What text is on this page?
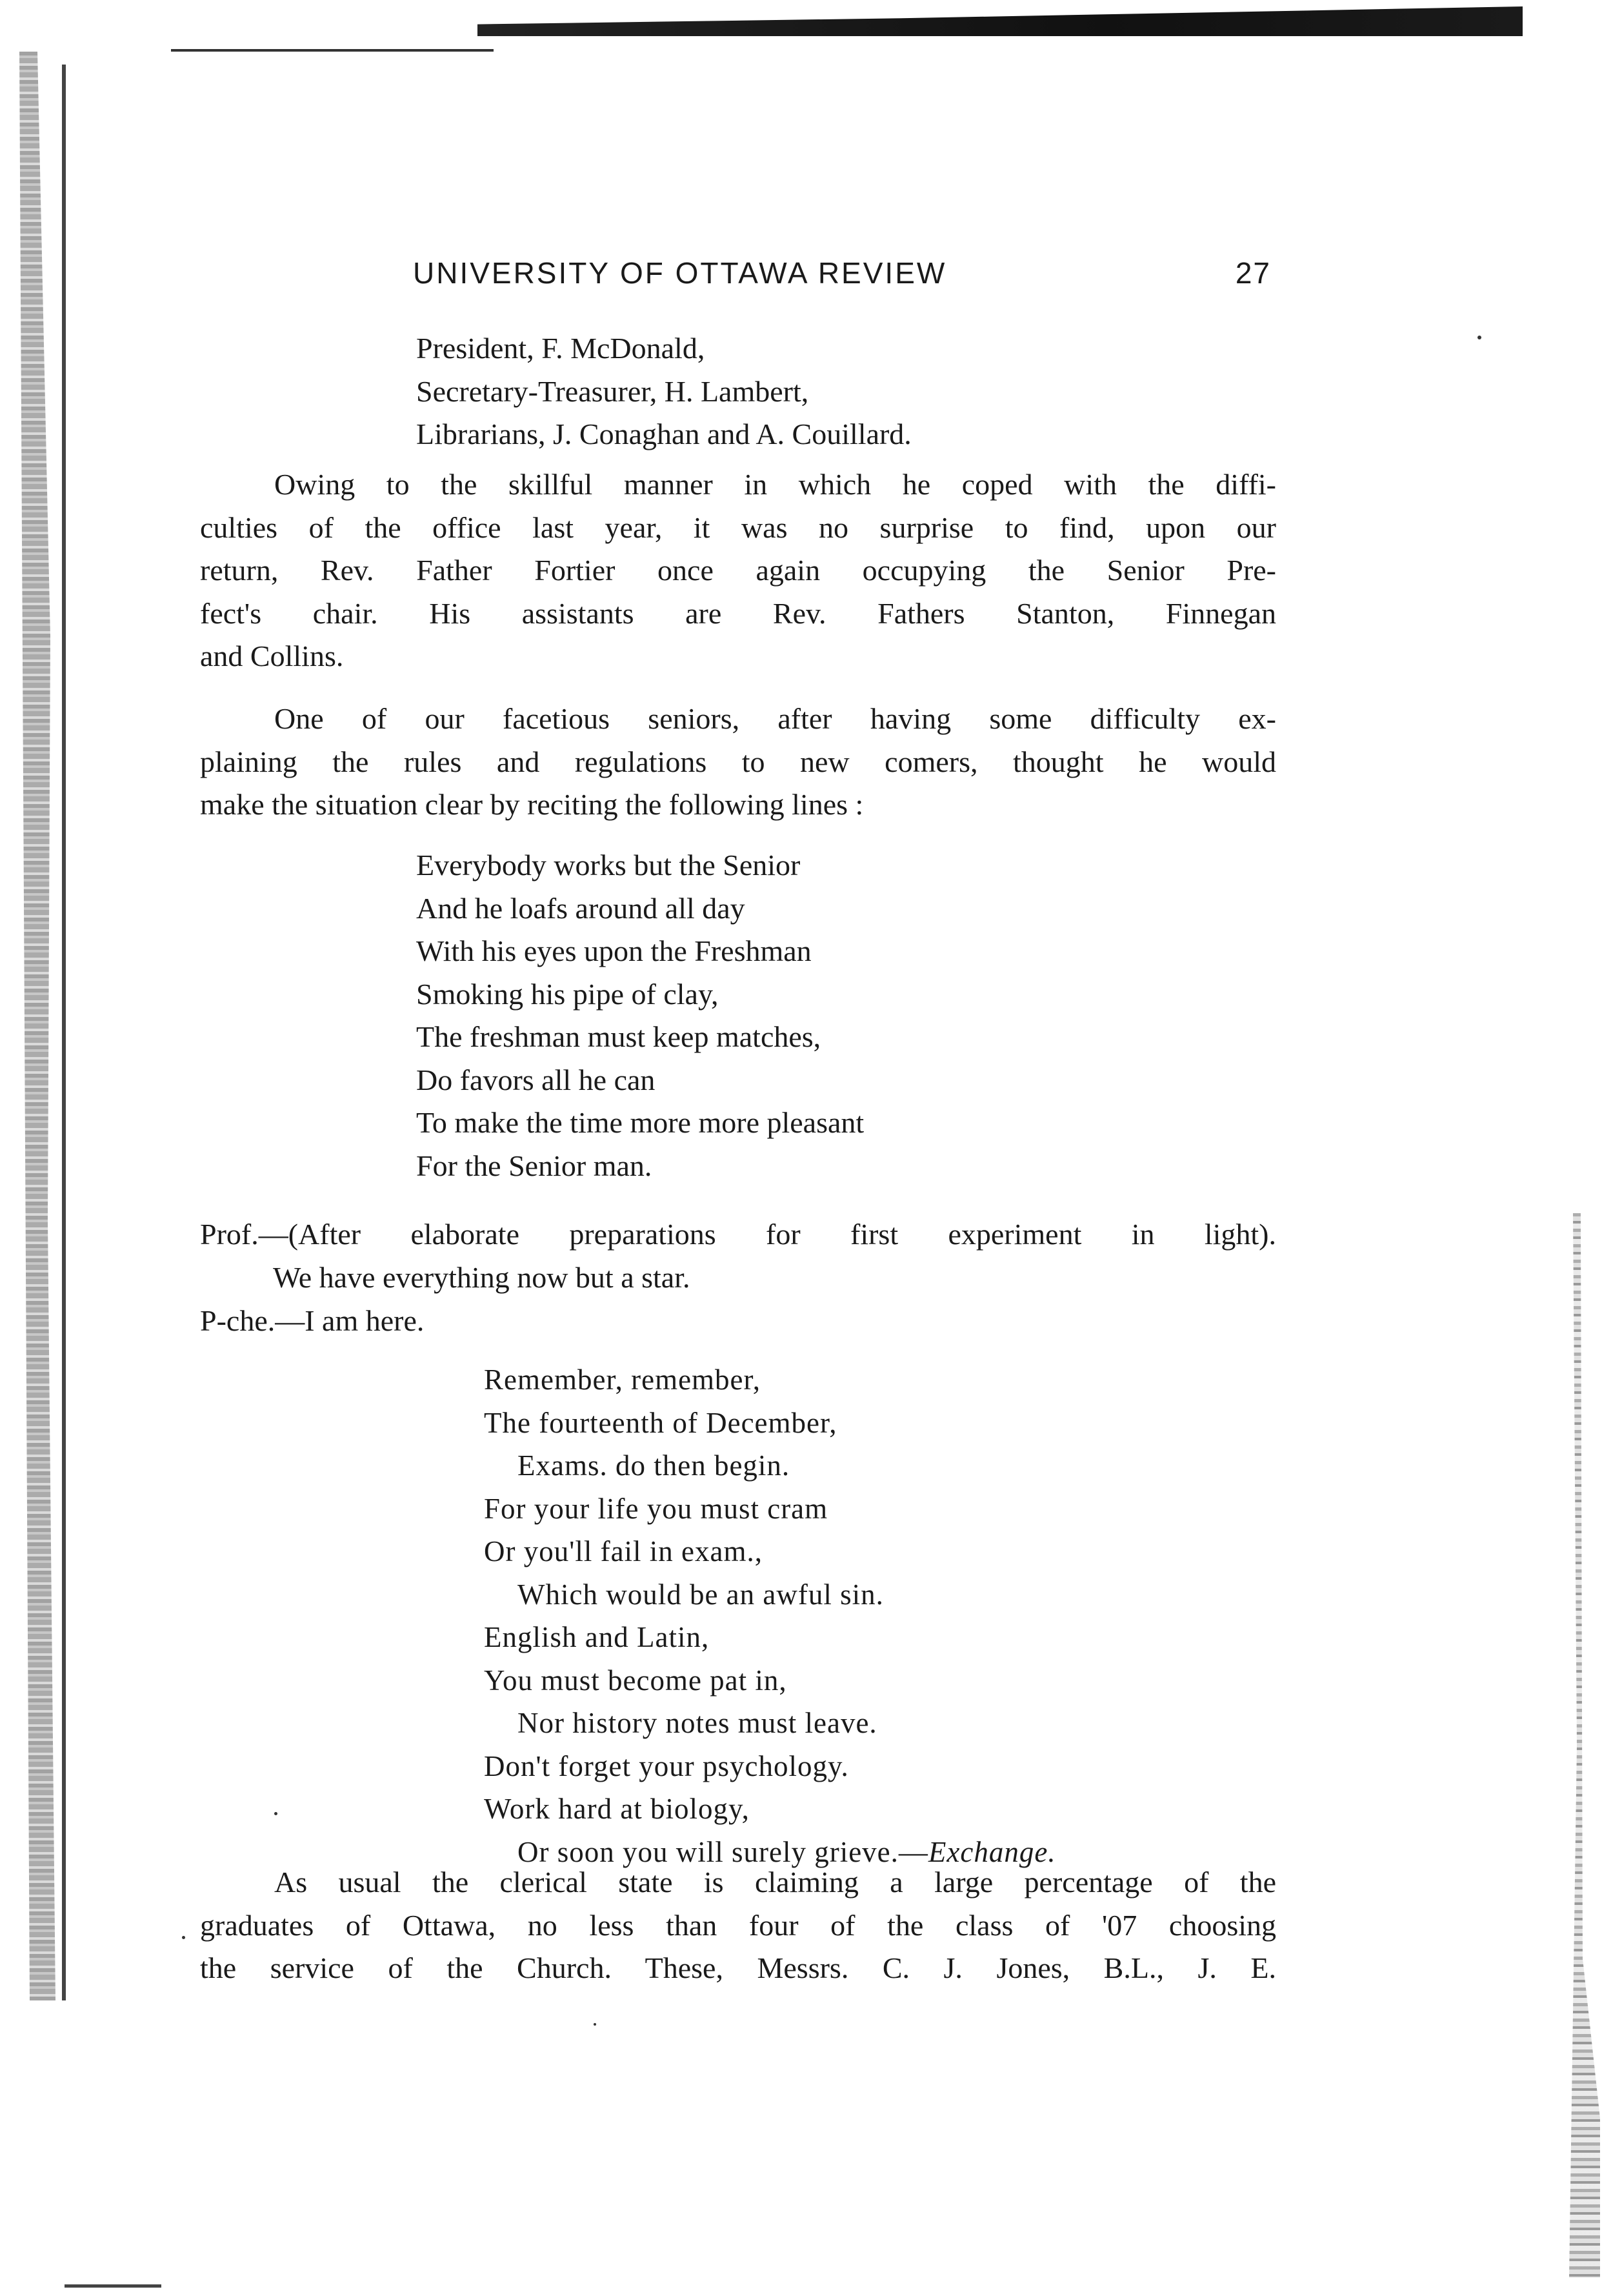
UNIVERSITY OF OTTAWA REVIEW	27
President, F. McDonald,
Secretary-Treasurer, H. Lambert,
Librarians, J. Conaghan and A. Couillard.
Owing to the skillful manner in which he coped with the diffi-
culties of the office last year, it was no surprise to find, upon our
return, Rev. Father Fortier once again occupying the Senior Pre-
fect's chair. His assistants are Rev. Fathers Stanton, Finnegan
and Collins.
One of our facetious seniors, after having some difficulty ex-
plaining the rules and regulations to new comers, thought he would
make the situation clear by reciting the following lines :
Everybody works but the Senior
And he loafs around all day
With his eyes upon the Freshman
Smoking his pipe of clay,
The freshman must keep matches,
Do favors all he can
To make the time more more pleasant
For the Senior man.
Prof.—(After elaborate preparations for first experiment in light).
We have everything now but a star.
P-che.—I am here.
Remember, remember,
The fourteenth of December,
Exams. do then begin.
For your life you must cram
Or you'll fail in exam.,
Which would be an awful sin.
English and Latin,
You must become pat in,
Nor history notes must leave.
Don't forget your psychology.
Work hard at biology,
Or soon you will surely grieve.—Exchange.
As usual the clerical state is claiming a large percentage of the
graduates of Ottawa, no less than four of the class of '07 choosing
the service of the Church. These, Messrs. C. J. Jones, B.L., J. E.
